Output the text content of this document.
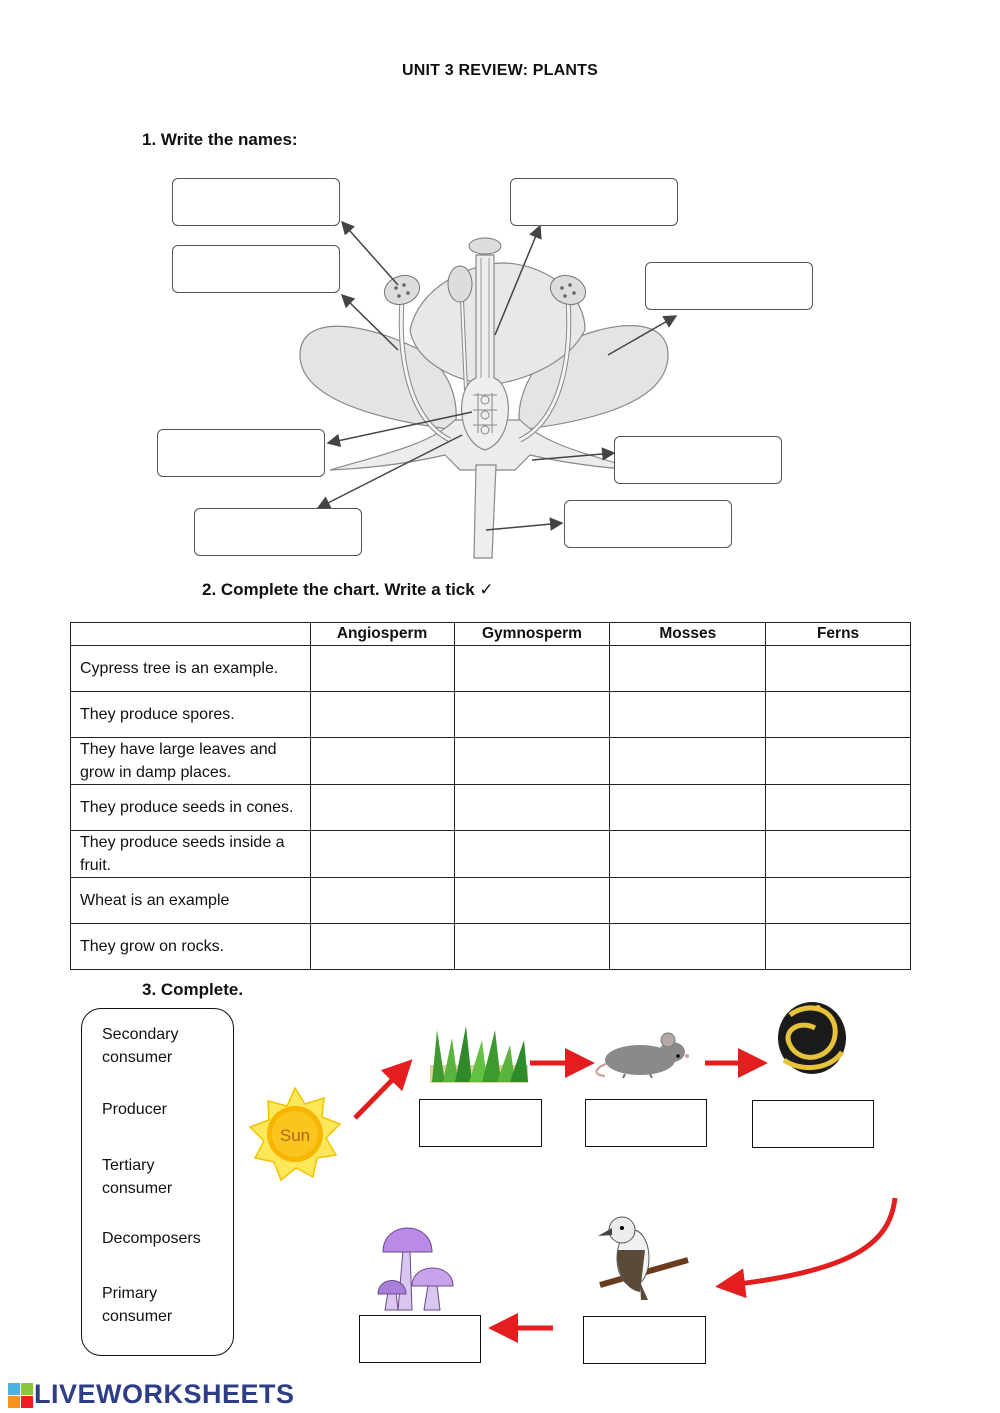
UNIT 3 REVIEW: PLANTS
1. Write the names:
2. Complete the chart. Write a tick ✓
	Angiosperm	Gymnosperm	Mosses	Ferns
Cypress tree is an example.				
They produce spores.				
They have large leaves and grow in damp places.				
They produce seeds in cones.				
They produce seeds inside a fruit.				
Wheat is an example				
They grow on rocks.				
3. Complete.
Secondary consumer
Producer
Tertiary consumer
Decomposers
Primary consumer
Sun
LIVEWORKSHEETS
